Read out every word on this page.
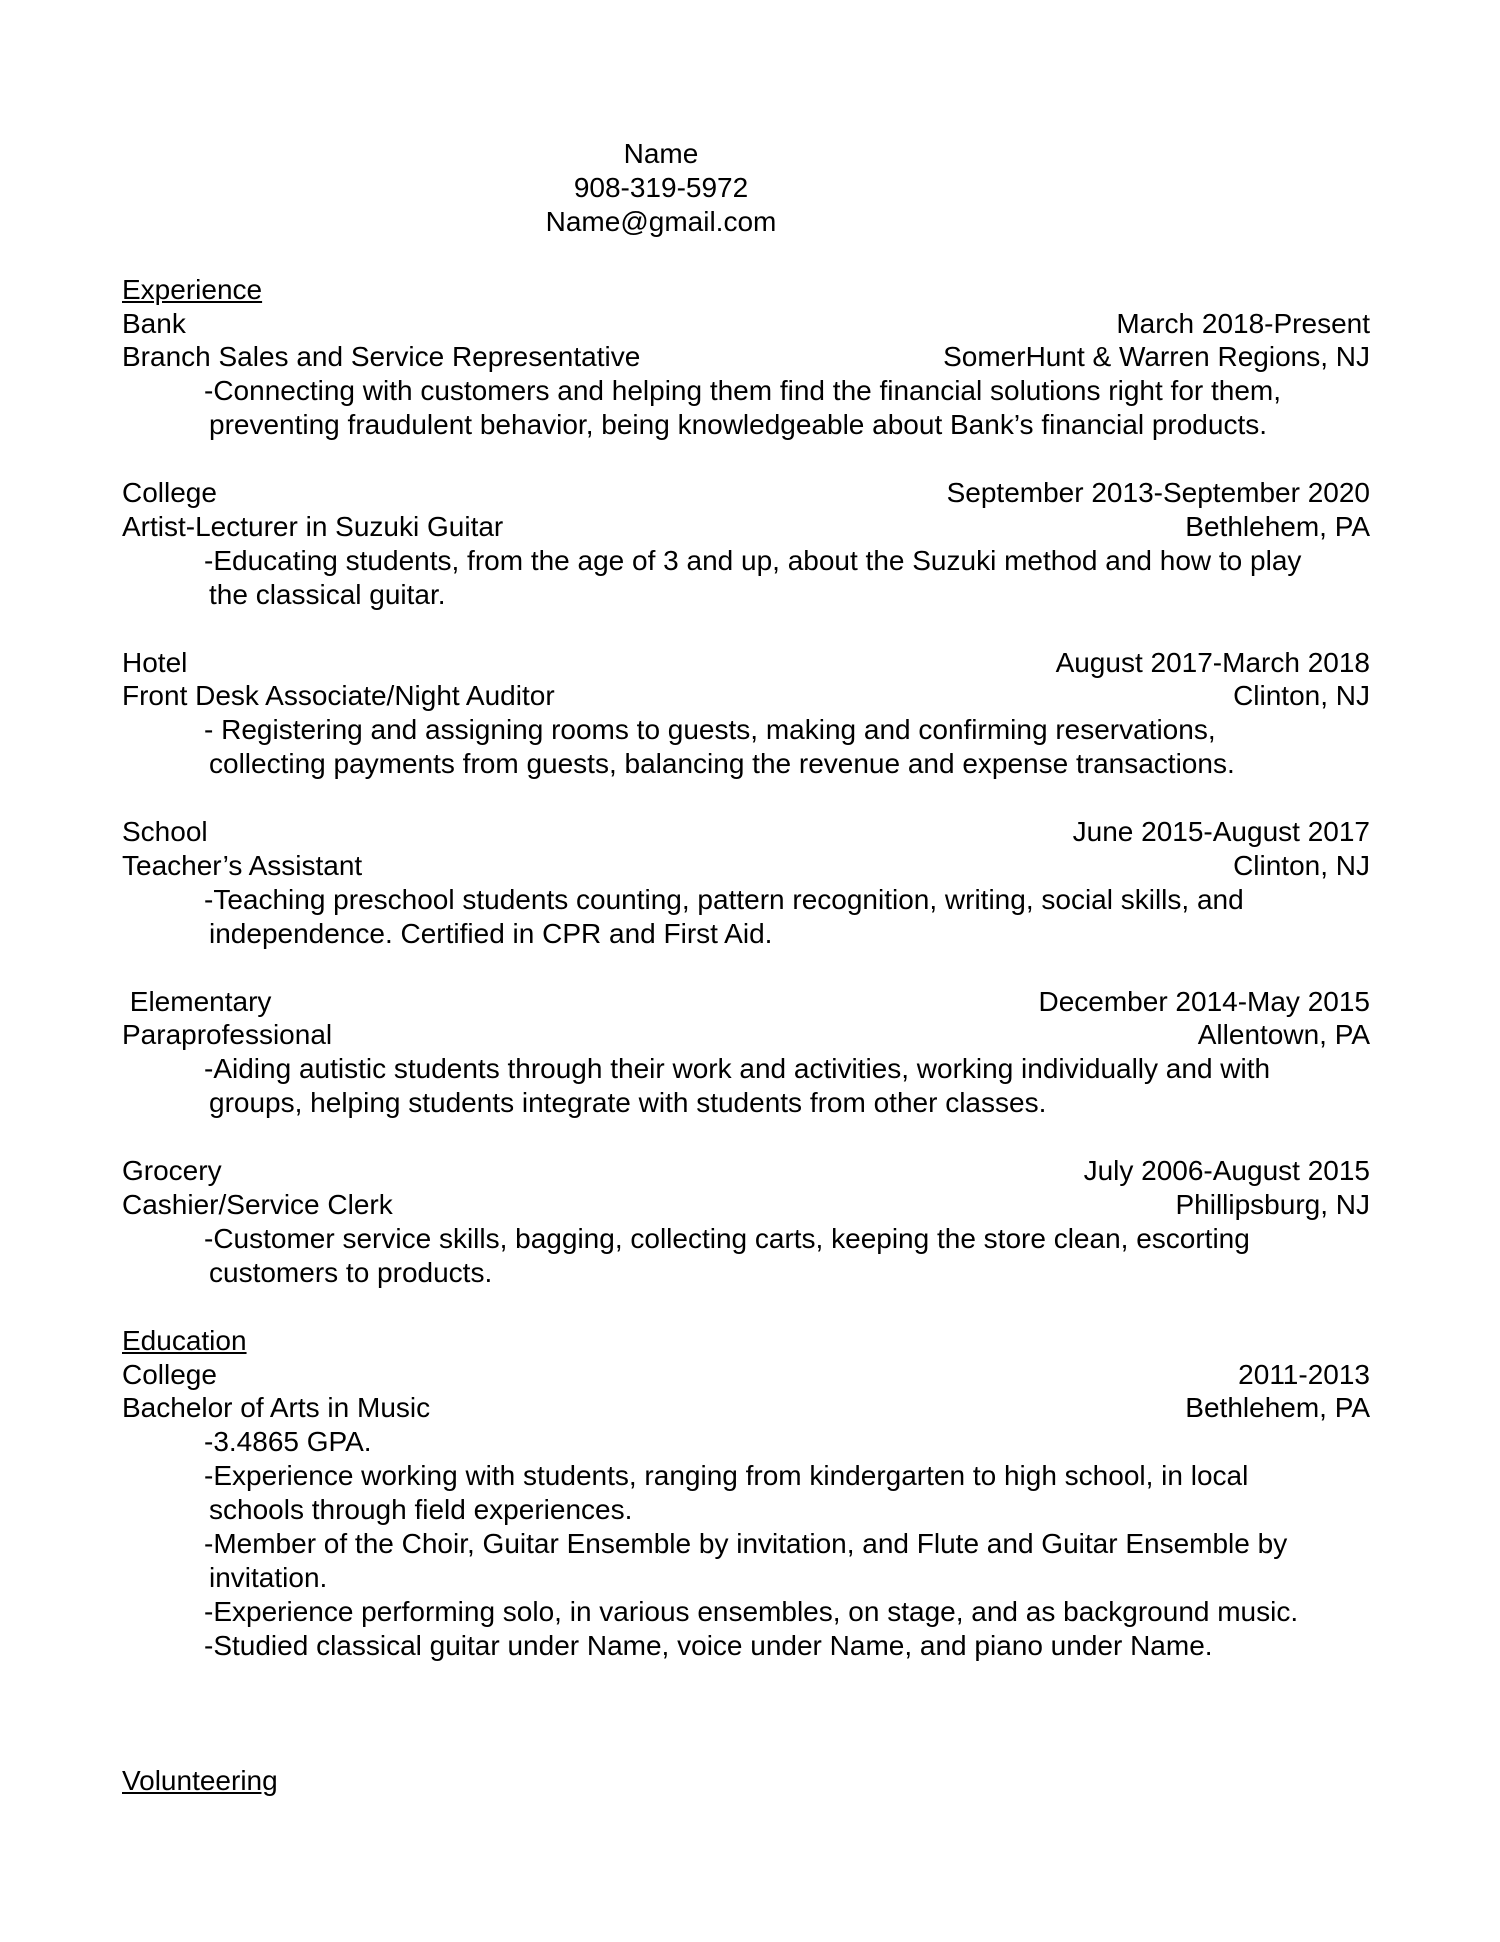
Name
908-319-5972
Name@gmail.com
Experience
Bank	March 2018-Present
Branch Sales and Service Representative	SomerHunt & Warren Regions, NJ
-Connecting with customers and helping them find the financial solutions right for them,
preventing fraudulent behavior, being knowledgeable about Bank’s financial products.
College	September 2013-September 2020
Artist-Lecturer in Suzuki Guitar	Bethlehem, PA
-Educating students, from the age of 3 and up, about the Suzuki method and how to play
the classical guitar.
Hotel	August 2017-March 2018
Front Desk Associate/Night Auditor	Clinton, NJ
- Registering and assigning rooms to guests, making and confirming reservations,
collecting payments from guests, balancing the revenue and expense transactions.
School	June 2015-August 2017
Teacher’s Assistant	Clinton, NJ
-Teaching preschool students counting, pattern recognition, writing, social skills, and
independence. Certified in CPR and First Aid.
Elementary	December 2014-May 2015
Paraprofessional	Allentown, PA
-Aiding autistic students through their work and activities, working individually and with
groups, helping students integrate with students from other classes.
Grocery	July 2006-August 2015
Cashier/Service Clerk	Phillipsburg, NJ
-Customer service skills, bagging, collecting carts, keeping the store clean, escorting
customers to products.
Education
College	2011-2013
Bachelor of Arts in Music	Bethlehem, PA
-3.4865 GPA.
-Experience working with students, ranging from kindergarten to high school, in local
schools through field experiences.
-Member of the Choir, Guitar Ensemble by invitation, and Flute and Guitar Ensemble by
invitation.
-Experience performing solo, in various ensembles, on stage, and as background music.
-Studied classical guitar under Name, voice under Name, and piano under Name.
Volunteering
